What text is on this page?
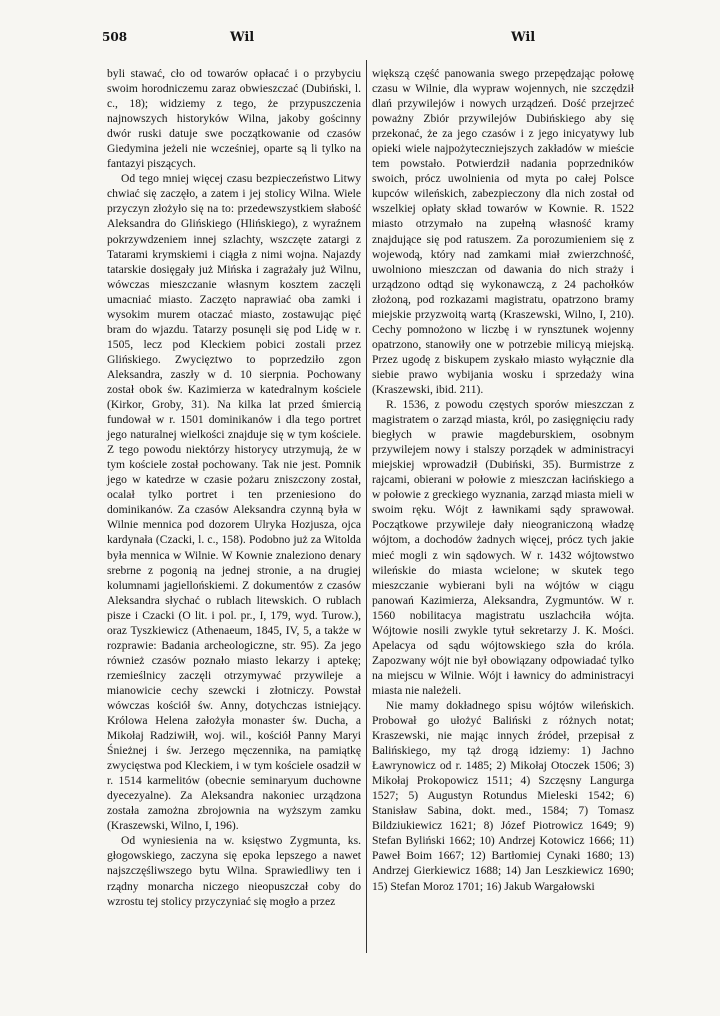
508	Wil	Wil

byli stawać, cło od towarów opłacać i o przybyciu swoim horodniczemu zaraz obwieszczać (Dubiński, l. c., 18); widziemy z tego, że przypuszczenia najnowszych historyków Wilna, jakoby gościnny dwór ruski datuje swe początkowanie od czasów Giedymina jeżeli nie wcześniej, oparte są li tylko na fantazyi piszących.

Od tego mniej więcej czasu bezpieczeństwo Litwy chwiać się zaczęło, a zatem i jej stolicy Wilna. Wiele przyczyn złożyło się na to: przedewszystkiem słabość Aleksandra do Glińskiego (Hlińskiego), z wyraźnem pokrzywdzeniem innej szlachty, wszczęte zatargi z Tatarami krymskiemi i ciągła z nimi wojna. Najazdy tatarskie dosięgały już Mińska i zagrażały już Wilnu, wówczas mieszczanie własnym kosztem zaczęli umacniać miasto. Zaczęto naprawiać oba zamki i wysokim murem otaczać miasto, zostawując pięć bram do wjazdu. Tatarzy posunęli się pod Lidę w r. 1505, lecz pod Kleckiem pobici zostali przez Glińskiego. Zwycięztwo to poprzedziło zgon Aleksandra, zaszły w d. 10 sierpnia. Pochowany został obok św. Kazimierza w katedralnym kościele (Kirkor, Groby, 31). Na kilka lat przed śmiercią fundował w r. 1501 dominikanów i dla tego portret jego naturalnej wielkości znajduje się w tym kościele. Z tego powodu niektórzy historycy utrzymują, że w tym kościele został pochowany. Tak nie jest. Pomnik jego w katedrze w czasie pożaru zniszczony został, ocalał tylko portret i ten przeniesiono do dominikanów. Za czasów Aleksandra czynną była w Wilnie mennica pod dozorem Ulryka Hozjusza, ojca kardynała (Czacki, l. c., 158). Podobno już za Witolda była mennica w Wilnie. W Kownie znaleziono denary srebrne z pogonią na jednej stronie, a na drugiej kolumnami jagiellońskiemi. Z dokumentów z czasów Aleksandra słychać o rublach litewskich. O rublach pisze i Czacki (O lit. i pol. pr., I, 179, wyd. Turow.), oraz Tyszkiewicz (Athenaeum, 1845, IV, 5, a także w rozprawie: Badania archeologiczne, str. 95). Za jego również czasów poznało miasto lekarzy i aptekę; rzemieślnicy zaczęli otrzymywać przywileje a mianowicie cechy szewcki i złotniczy. Powstał wówczas kościół św. Anny, dotychczas istniejący. Królowa Helena założyła monaster św. Ducha, a Mikołaj Radziwiłł, woj. wil., kościół Panny Maryi Śnieżnej i św. Jerzego męczennika, na pamiątkę zwycięstwa pod Kleckiem, i w tym kościele osadził w r. 1514 karmelitów (obecnie seminaryum duchowne dyecezyalne). Za Aleksandra nakoniec urządzona została zamożna zbrojownia na wyższym zamku (Kraszewski, Wilno, I, 196).

Od wyniesienia na w. księstwo Zygmunta, ks. głogowskiego, zaczyna się epoka lepszego a nawet najszczęśliwszego bytu Wilna. Sprawiedliwy ten i rządny monarcha niczego nieopuszczał coby do wzrostu tej stolicy przyczyniać się mogło a przez

większą część panowania swego przepędzając połowę czasu w Wilnie, dla wypraw wojennych, nie szczędził dlań przywilejów i nowych urządzeń. Dość przejrzeć poważny Zbiór przywilejów Dubińskiego aby się przekonać, że za jego czasów i z jego inicyatywy lub opieki wiele najpożyteczniejszych zakładów w mieście tem powstało. Potwierdził nadania poprzedników swoich, prócz uwolnienia od myta po całej Polsce kupców wileńskich, zabezpieczony dla nich został od wszelkiej opłaty skład towarów w Kownie. R. 1522 miasto otrzymało na zupełną własność kramy znajdujące się pod ratuszem. Za porozumieniem się z wojewodą, który nad zamkami miał zwierzchność, uwolniono mieszczan od dawania do nich straży i urządzono odtąd się wykonawczą, z 24 pachołków złożoną, pod rozkazami magistratu, opatrzono bramy miejskie przyzwoitą wartą (Kraszewski, Wilno, I, 210). Cechy pomnożono w liczbę i w rynsztunek wojenny opatrzono, stanowiły one w potrzebie milicyą miejską. Przez ugodę z biskupem zyskało miasto wyłącznie dla siebie prawo wybijania wosku i sprzedaży wina (Kraszewski, ibid. 211).

R. 1536, z powodu częstych sporów mieszczan z magistratem o zarząd miasta, król, po zasięgnięciu rady biegłych w prawie magdeburskiem, osobnym przywilejem nowy i stalszy porządek w administracyi miejskiej wprowadził (Dubiński, 35). Burmistrze z rajcami, obierani w połowie z mieszczan łacińskiego a w połowie z greckiego wyznania, zarząd miasta mieli w swoim ręku. Wójt z ławnikami sądy sprawował. Początkowe przywileje dały nieograniczoną władzę wójtom, a dochodów żadnych więcej, prócz tych jakie mieć mogli z win sądowych. W r. 1432 wójtowstwo wileńskie do miasta wcielone; w skutek tego mieszczanie wybierani byli na wójtów w ciągu panowań Kazimierza, Aleksandra, Zygmuntów. W r. 1560 nobilitacya magistratu uszlachciła wójta. Wójtowie nosili zwykle tytuł sekretarzy J. K. Mości. Apelacya od sądu wójtowskiego szła do króla. Zapozwany wójt nie był obowiązany odpowiadać tylko na miejscu w Wilnie. Wójt i ławnicy do administracyi miasta nie należeli.

Nie mamy dokładnego spisu wójtów wileńskich. Probował go ułożyć Baliński z różnych notat; Kraszewski, nie mając innych źródeł, przepisał z Balińskiego, my tąż drogą idziemy: 1) Jachno Ławrynowicz od r. 1485; 2) Mikołaj Otoczek 1506; 3) Mikołaj Prokopowicz 1511; 4) Szczęsny Langurga 1527; 5) Augustyn Rotundus Mieleski 1542; 6) Stanisław Sabina, dokt. med., 1584; 7) Tomasz Bildziukiewicz 1621; 8) Józef Piotrowicz 1649; 9) Stefan Byliński 1662; 10) Andrzej Kotowicz 1666; 11) Paweł Boim 1667; 12) Bartłomiej Cynaki 1680; 13) Andrzej Gierkiewicz 1688; 14) Jan Leszkiewicz 1690; 15) Stefan Moroz 1701; 16) Jakub Wargałowski
